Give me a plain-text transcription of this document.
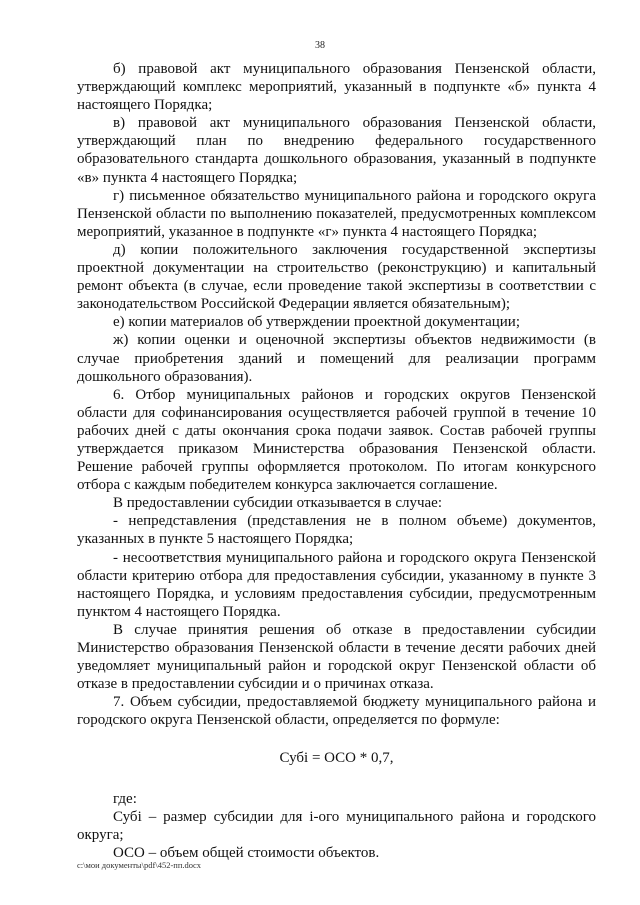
38

б) правовой акт муниципального образования Пензенской области, утверждающий комплекс мероприятий, указанный в подпункте «б» пункта 4 настоящего Порядка;

в) правовой акт муниципального образования Пензенской области, утверждающий план по внедрению федерального государственного образовательного стандарта дошкольного образования, указанный в подпункте «в» пункта 4 настоящего Порядка;

г) письменное обязательство муниципального района и городского округа Пензенской области по выполнению показателей, предусмотренных комплексом мероприятий, указанное в подпункте «г» пункта 4 настоящего Порядка;

д) копии положительного заключения государственной экспертизы проектной документации на строительство (реконструкцию) и капитальный ремонт объекта (в случае, если проведение такой экспертизы в соответствии с законодательством Российской Федерации является обязательным);

е) копии материалов об утверждении проектной документации;

ж) копии оценки и оценочной экспертизы объектов недвижимости (в случае приобретения зданий и помещений для реализации программ дошкольного образования).

6. Отбор муниципальных районов и городских округов Пензенской области для софинансирования осуществляется рабочей группой в течение 10 рабочих дней с даты окончания срока подачи заявок. Состав рабочей группы утверждается приказом Министерства образования Пензенской области. Решение рабочей группы оформляется протоколом. По итогам конкурсного отбора с каждым победителем конкурса заключается соглашение.

В предоставлении субсидии отказывается в случае:

- непредставления (представления не в полном объеме) документов, указанных в пункте 5 настоящего Порядка;

- несоответствия муниципального района и городского округа Пензенской области критерию отбора для предоставления субсидии, указанному в пункте 3 настоящего Порядка, и условиям предоставления субсидии, предусмотренным пунктом 4 настоящего Порядка.

В случае принятия решения об отказе в предоставлении субсидии Министерство образования Пензенской области в течение десяти рабочих дней уведомляет муниципальный район и городской округ Пензенской области об отказе в предоставлении субсидии и о причинах отказа.

7. Объем субсидии, предоставляемой бюджету муниципального района и городского округа Пензенской области, определяется по формуле:

Субі = ОСО * 0,7,

где:

Субі – размер субсидии для і-ого муниципального района и городского округа;

ОСО – объем общей стоимости объектов.

c:\мои документы\pdf\452-пп.docx
